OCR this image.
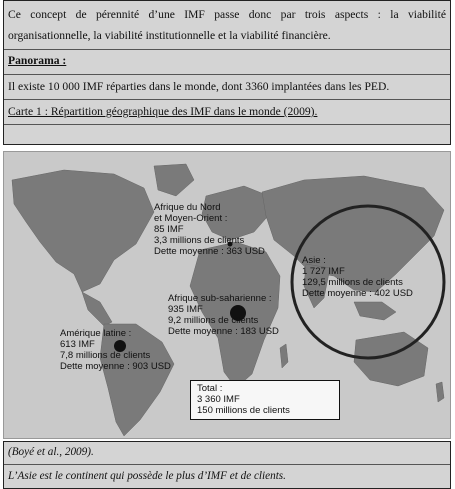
Ce concept de pérennité d’une IMF passe donc par trois aspects : la viabilité organisationnelle, la viabilité institutionnelle et la viabilité financière.
Panorama :
Il existe 10 000 IMF réparties dans le monde, dont 3360 implantées dans les PED.
Carte 1 : Répartition géographique des IMF dans le monde (2009).
Afrique du Nord
et Moyen-Orient :
85 IMF
3,3 millions de clients
Dette moyenne : 363 USD
Asie :
1 727 IMF
129,5 millions de clients
Dette moyenne : 402 USD
Afrique sub-saharienne :
935 IMF
9,2 millions de clients
Dette moyenne : 183 USD
Amérique latine :
613 IMF
7,8 millions de clients
Dette moyenne : 903 USD
Total :
3 360 IMF
150 millions de clients
(Boyé et al., 2009).
L’Asie est le continent qui possède le plus d’IMF et de clients.
